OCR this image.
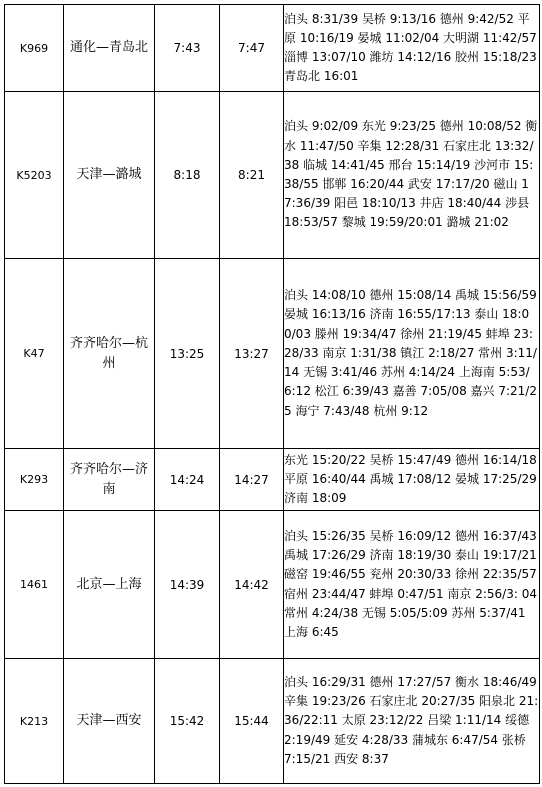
K969	通化—青岛北	7:43	7:47	泊头 8:31/39 吴桥 9:13/16 德州 9:42/52 平原 10:16/19 晏城 11:02/04 大明湖 11:42/57 淄博 13:07/10 潍坊 14:12/16 胶州 15:18/23 青岛北 16:01
K5203	天津—潞城	8:18	8:21	泊头 9:02/09 东光 9:23/25 德州 10:08/52 衡水 11:47/50 辛集 12:28/31 石家庄北 13:32/38 临城 14:41/45 邢台 15:14/19 沙河市 15:38/55 邯郸 16:20/44 武安 17:17/20 磁山 17:36/39 阳邑 18:10/13 井店 18:40/44 涉县 18:53/57 黎城 19:59/20:01 潞城 21:02
K47	齐齐哈尔—杭州	13:25	13:27	泊头 14:08/10 德州 15:08/14 禹城 15:56/59 晏城 16:13/16 济南 16:55/17:13 泰山 18:00/03 滕州 19:34/47 徐州 21:19/45 蚌埠 23:28/33 南京 1:31/38 镇江 2:18/27 常州 3:11/14 无锡 3:41/46 苏州 4:14/24 上海南 5:53/6:12 松江 6:39/43 嘉善 7:05/08 嘉兴 7:21/25 海宁 7:43/48 杭州 9:12
K293	齐齐哈尔—济南	14:24	14:27	东光 15:20/22 吴桥 15:47/49 德州 16:14/18 平原 16:40/44 禹城 17:08/12 晏城 17:25/29 济南 18:09
1461	北京—上海	14:39	14:42	泊头 15:26/35 吴桥 16:09/12 德州 16:37/43 禹城 17:26/29 济南 18:19/30 泰山 19:17/21 磁窑 19:46/55 兖州 20:30/33 徐州 22:35/57 宿州 23:44/47 蚌埠 0:47/51 南京 2:56/3: 04 常州 4:24/38 无锡 5:05/5:09 苏州 5:37/41 上海 6:45
K213	天津—西安	15:42	15:44	泊头 16:29/31 德州 17:27/57 衡水 18:46/49 辛集 19:23/26 石家庄北 20:27/35 阳泉北 21:36/22:11 太原 23:12/22 吕梁 1:11/14 绥德 2:19/49 延安 4:28/33 蒲城东 6:47/54 张桥 7:15/21 西安 8:37
